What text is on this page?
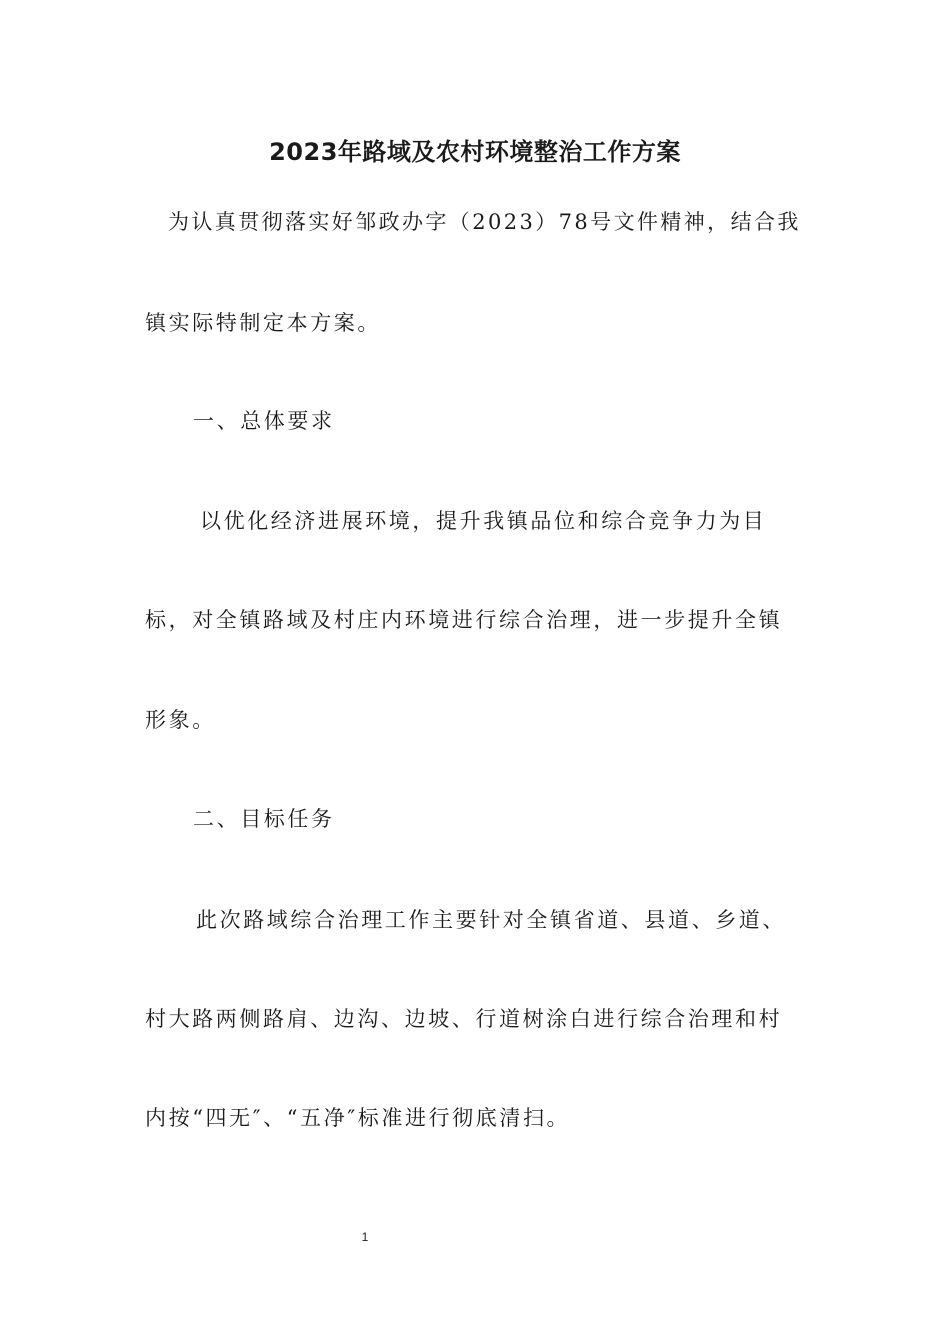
2023年路域及农村环境整治工作方案
为认真贯彻落实好邹政办字（2023）78号文件精神，结合我
镇实际特制定本方案。
一、总体要求
以优化经济进展环境，提升我镇品位和综合竞争力为目
标，对全镇路域及村庄内环境进行综合治理，进一步提升全镇
形象。
二、目标任务
此次路域综合治理工作主要针对全镇省道、县道、乡道、
村大路两侧路肩、边沟、边坡、行道树涂白进行综合治理和村
内按“四无″、“五净″标准进行彻底清扫。
1
